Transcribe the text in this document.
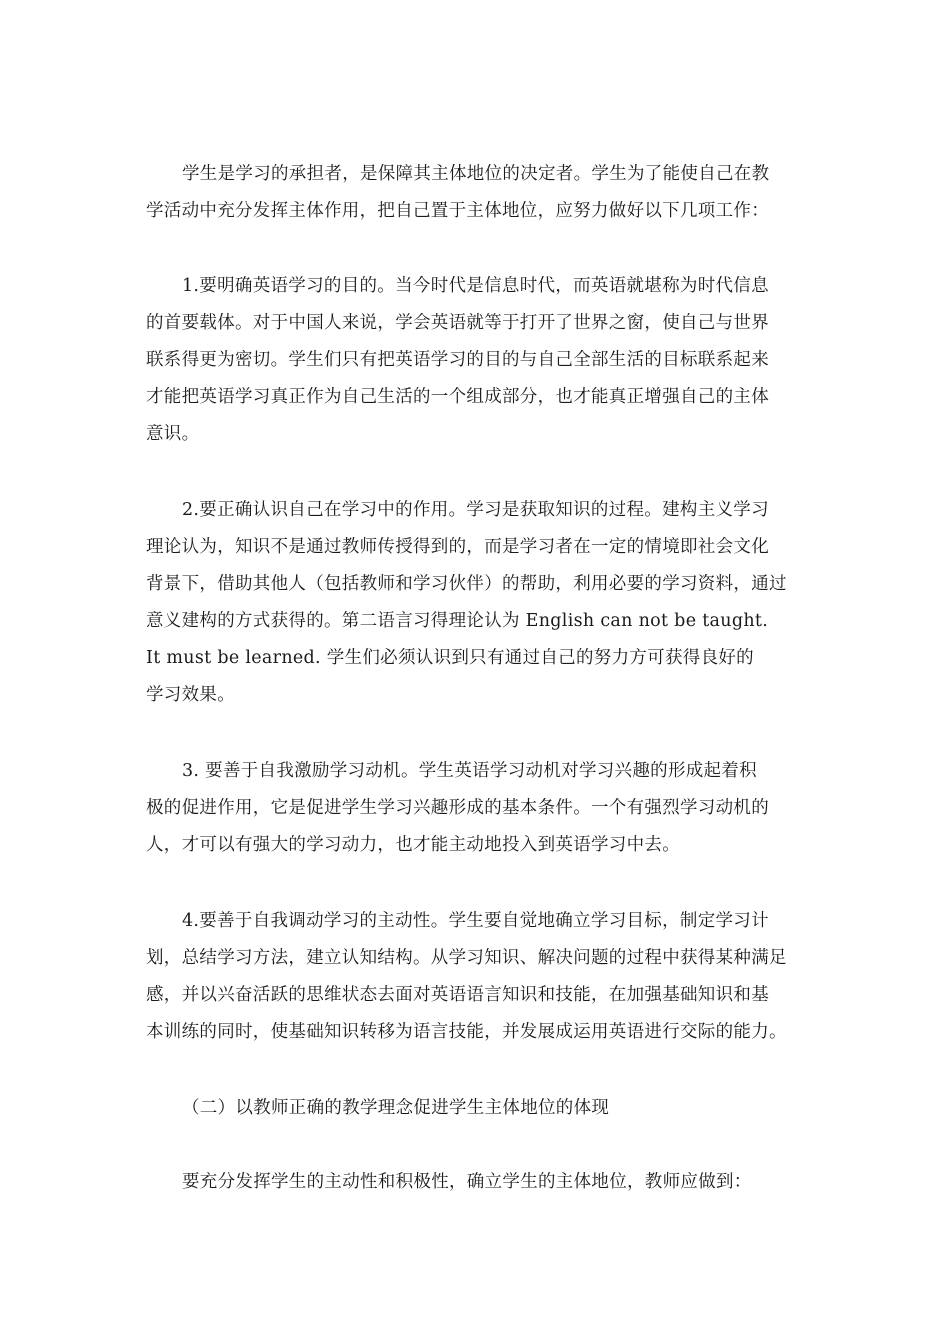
学生是学习的承担者，是保障其主体地位的决定者。学生为了能使自己在教
学活动中充分发挥主体作用，把自己置于主体地位，应努力做好以下几项工作：
1.要明确英语学习的目的。当今时代是信息时代，而英语就堪称为时代信息
的首要载体。对于中国人来说，学会英语就等于打开了世界之窗，使自己与世界
联系得更为密切。学生们只有把英语学习的目的与自己全部生活的目标联系起来
才能把英语学习真正作为自己生活的一个组成部分，也才能真正增强自己的主体
意识。
2.要正确认识自己在学习中的作用。学习是获取知识的过程。建构主义学习
理论认为，知识不是通过教师传授得到的，而是学习者在一定的情境即社会文化
背景下，借助其他人（包括教师和学习伙伴）的帮助，利用必要的学习资料，通过
意义建构的方式获得的。第二语言习得理论认为 English can not be taught.
It must be learned. 学生们必须认识到只有通过自己的努力方可获得良好的
学习效果。
3. 要善于自我激励学习动机。学生英语学习动机对学习兴趣的形成起着积
极的促进作用，它是促进学生学习兴趣形成的基本条件。一个有强烈学习动机的
人，才可以有强大的学习动力，也才能主动地投入到英语学习中去。
4.要善于自我调动学习的主动性。学生要自觉地确立学习目标，制定学习计
划，总结学习方法，建立认知结构。从学习知识、解决问题的过程中获得某种满足
感，并以兴奋活跃的思维状态去面对英语语言知识和技能，在加强基础知识和基
本训练的同时，使基础知识转移为语言技能，并发展成运用英语进行交际的能力。
（二）以教师正确的教学理念促进学生主体地位的体现
要充分发挥学生的主动性和积极性，确立学生的主体地位，教师应做到：
